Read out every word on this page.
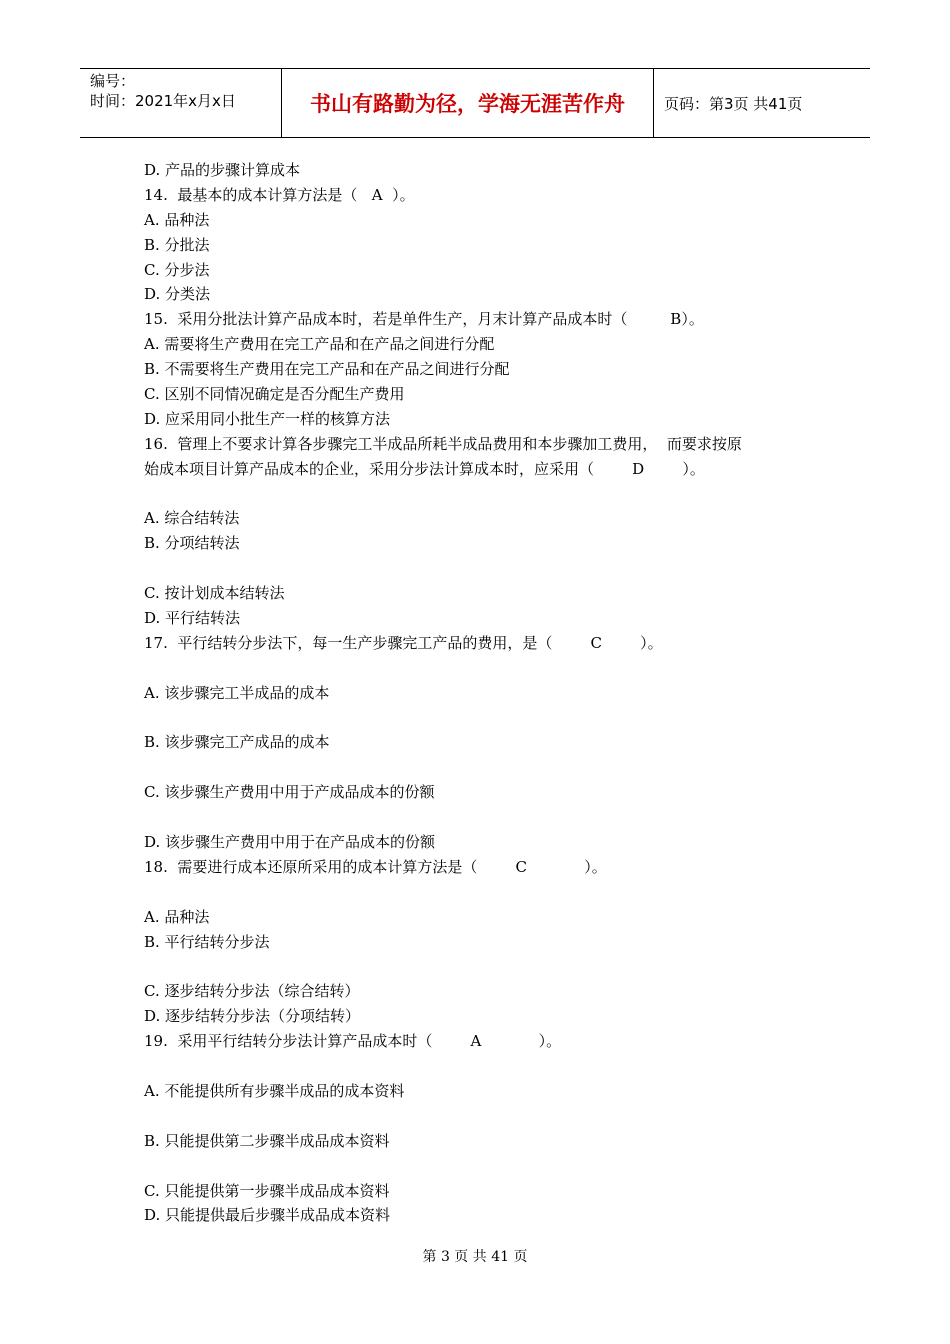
编号：
时间：2021年x月x日	书山有路勤为径，学海无涯苦作舟	页码：第3页 共41页
D. 产品的步骤计算成本
14.  最基本的成本计算方法是（   A  ）。
A. 品种法
B. 分批法
C. 分步法
D. 分类法
15.  采用分批法计算产品成本时，若是单件生产，月末计算产品成本时（         B）。
A. 需要将生产费用在完工产品和在产品之间进行分配
B. 不需要将生产费用在完工产品和在产品之间进行分配
C. 区别不同情况确定是否分配生产费用
D. 应采用同小批生产一样的核算方法
16.  管理上不要求计算各步骤完工半成品所耗半成品费用和本步骤加工费用，  而要求按原
始成本项目计算产品成本的企业，采用分步法计算成本时，应采用（        D        ）。
A. 综合结转法
B. 分项结转法
C. 按计划成本结转法
D. 平行结转法
17.  平行结转分步法下，每一生产步骤完工产品的费用，是（        C        ）。
A. 该步骤完工半成品的成本
B. 该步骤完工产成品的成本
C. 该步骤生产费用中用于产成品成本的份额
D. 该步骤生产费用中用于在产品成本的份额
18.  需要进行成本还原所采用的成本计算方法是（        C            ）。
A. 品种法
B. 平行结转分步法
C. 逐步结转分步法（综合结转）
D. 逐步结转分步法（分项结转）
19.  采用平行结转分步法计算产品成本时（        A            ）。
A. 不能提供所有步骤半成品的成本资料
B. 只能提供第二步骤半成品成本资料
C. 只能提供第一步骤半成品成本资料
D. 只能提供最后步骤半成品成本资料
第 3 页 共 41 页
